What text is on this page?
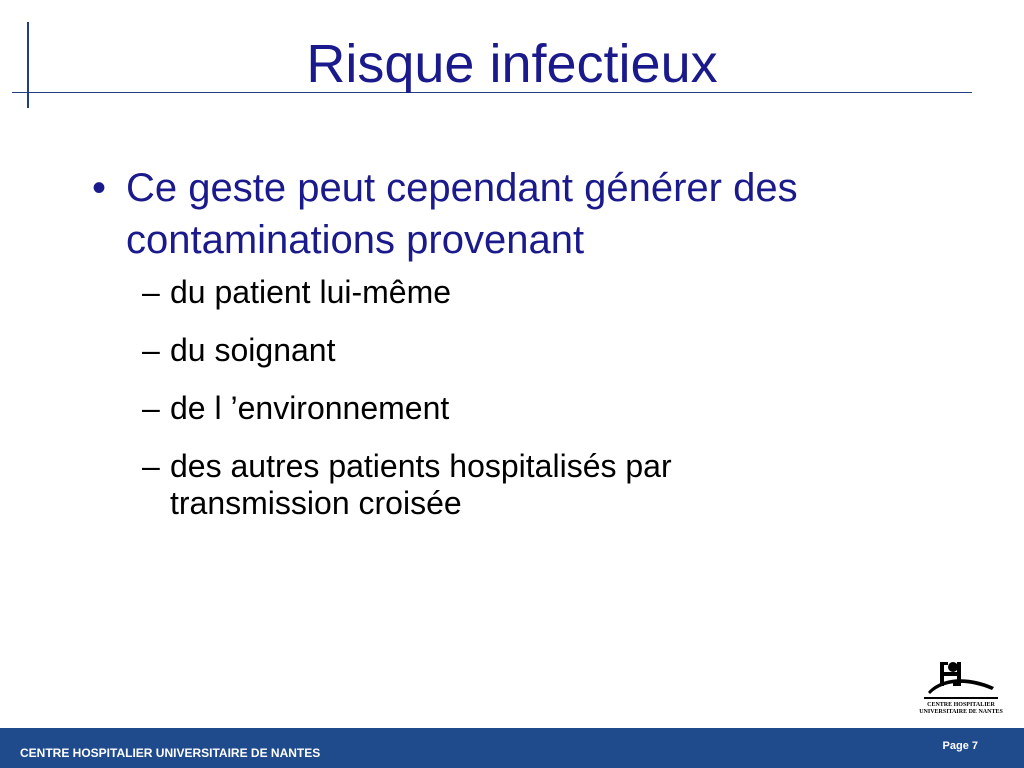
Risque infectieux
• Ce geste peut cependant générer des
contaminations provenant
– du patient lui-même
– du soignant
– de l ’environnement
– des autres patients hospitalisés par
transmission croisée
CENTRE HOSPITALIER
UNIVERSITAIRE DE NANTES
CENTRE HOSPITALIER UNIVERSITAIRE DE NANTES	Page 7
